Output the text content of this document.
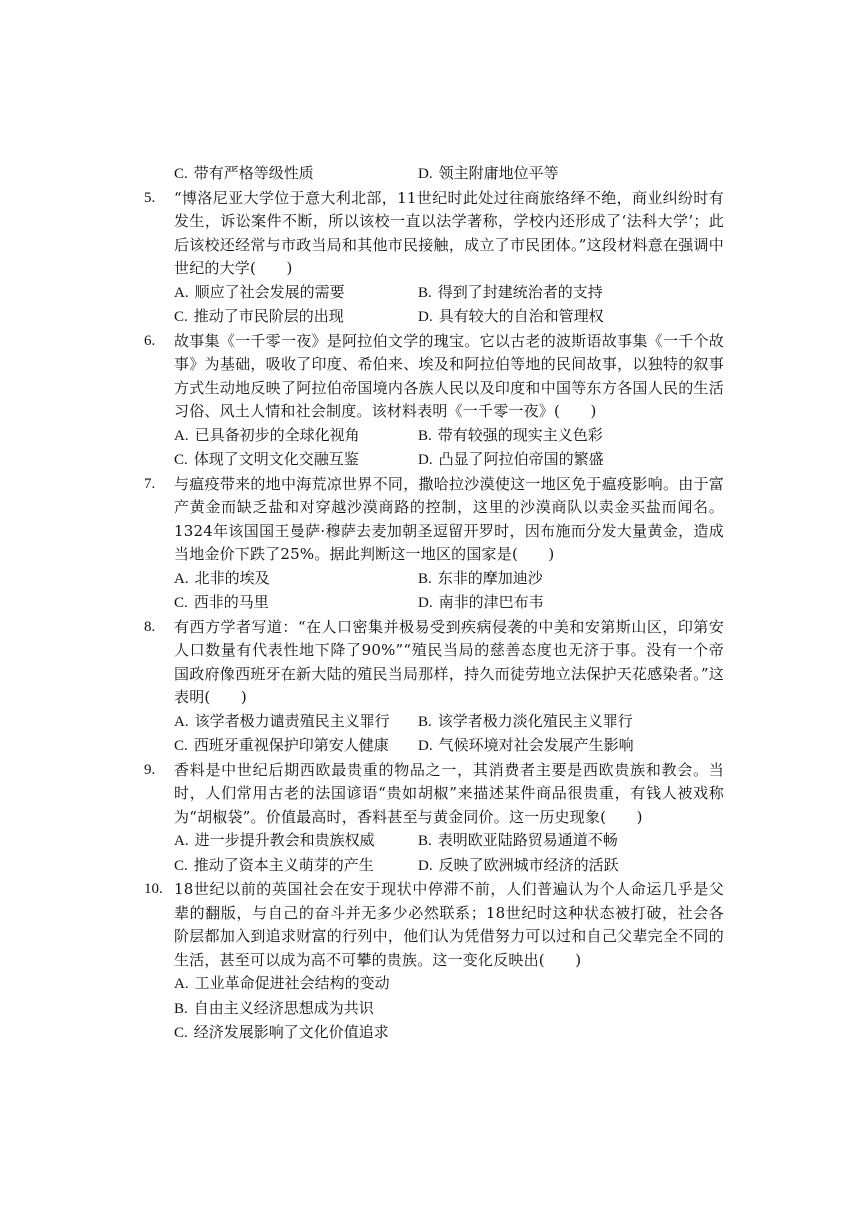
C. 带有严格等级性质	D. 领主附庸地位平等
5.	“博洛尼亚大学位于意大利北部，11世纪时此处过往商旅络绎不绝，商业纠纷时有发生，诉讼案件不断，所以该校一直以法学著称，学校内还形成了‘法科大学’；此后该校还经常与市政当局和其他市民接触，成立了市民团体。”这段材料意在强调中世纪的大学(　　)
A. 顺应了社会发展的需要	B. 得到了封建统治者的支持
C. 推动了市民阶层的出现	D. 具有较大的自治和管理权
6.	故事集《一千零一夜》是阿拉伯文学的瑰宝。它以古老的波斯语故事集《一千个故事》为基础，吸收了印度、希伯来、埃及和阿拉伯等地的民间故事，以独特的叙事方式生动地反映了阿拉伯帝国境内各族人民以及印度和中国等东方各国人民的生活习俗、风土人情和社会制度。该材料表明《一千零一夜》(　　)
A. 已具备初步的全球化视角	B. 带有较强的现实主义色彩
C. 体现了文明文化交融互鉴	D. 凸显了阿拉伯帝国的繁盛
7.	与瘟疫带来的地中海荒凉世界不同，撒哈拉沙漠使这一地区免于瘟疫影响。由于富产黄金而缺乏盐和对穿越沙漠商路的控制，这里的沙漠商队以卖金买盐而闻名。1324年该国国王曼萨·穆萨去麦加朝圣逗留开罗时，因布施而分发大量黄金，造成当地金价下跌了25%。据此判断这一地区的国家是(　　)
A. 北非的埃及	B. 东非的摩加迪沙
C. 西非的马里	D. 南非的津巴布韦
8.	有西方学者写道：“在人口密集并极易受到疾病侵袭的中美和安第斯山区，印第安人口数量有代表性地下降了90%”“殖民当局的慈善态度也无济于事。没有一个帝国政府像西班牙在新大陆的殖民当局那样，持久而徒劳地立法保护天花感染者。”这表明(　　)
A. 该学者极力谴责殖民主义罪行	B. 该学者极力淡化殖民主义罪行
C. 西班牙重视保护印第安人健康	D. 气候环境对社会发展产生影响
9.	香料是中世纪后期西欧最贵重的物品之一，其消费者主要是西欧贵族和教会。当时，人们常用古老的法国谚语“贵如胡椒”来描述某件商品很贵重，有钱人被戏称为“胡椒袋”。价值最高时，香料甚至与黄金同价。这一历史现象(　　)
A. 进一步提升教会和贵族权威	B. 表明欧亚陆路贸易通道不畅
C. 推动了资本主义萌芽的产生	D. 反映了欧洲城市经济的活跃
10. 18世纪以前的英国社会在安于现状中停滞不前，人们普遍认为个人命运几乎是父辈的翻版，与自己的奋斗并无多少必然联系；18世纪时这种状态被打破，社会各阶层都加入到追求财富的行列中，他们认为凭借努力可以过和自己父辈完全不同的生活，甚至可以成为高不可攀的贵族。这一变化反映出(　　)
A. 工业革命促进社会结构的变动
B. 自由主义经济思想成为共识
C. 经济发展影响了文化价值追求
